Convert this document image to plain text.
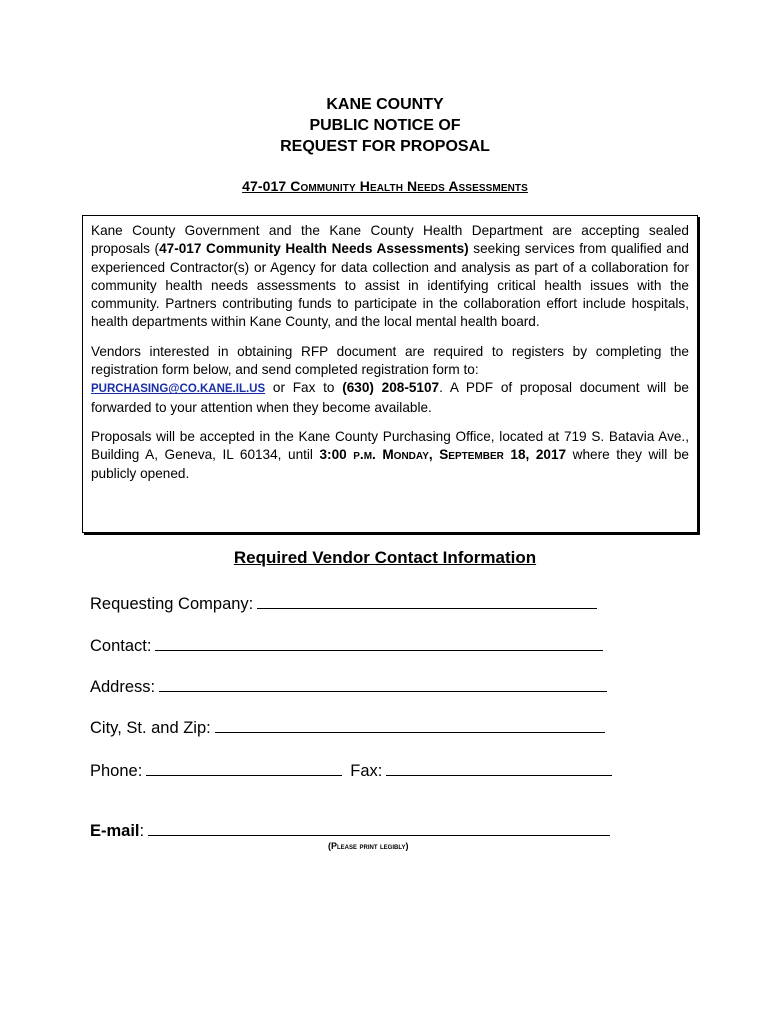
KANE COUNTY
PUBLIC NOTICE OF
REQUEST FOR PROPOSAL
47-017 Community Health Needs Assessments

Kane County Government and the Kane County Health Department are accepting sealed proposals (47-017 Community Health Needs Assessments) seeking services from qualified and experienced Contractor(s) or Agency for data collection and analysis as part of a collaboration for community health needs assessments to assist in identifying critical health issues with the community. Partners contributing funds to participate in the collaboration effort include hospitals, health departments within Kane County, and the local mental health board.

Vendors interested in obtaining RFP document are required to registers by completing the registration form below, and send completed registration form to:
PURCHASING@CO.KANE.IL.US or Fax to (630) 208-5107. A PDF of proposal document will be forwarded to your attention when they become available.

Proposals will be accepted in the Kane County Purchasing Office, located at 719 S. Batavia Ave., Building A, Geneva, IL 60134, until 3:00 p.m. Monday, September 18, 2017 where they will be publicly opened.

Required Vendor Contact Information
Requesting Company:
Contact:
Address:
City, St. and Zip:
Phone:	Fax:
E-mail:
(Please print legibly)
